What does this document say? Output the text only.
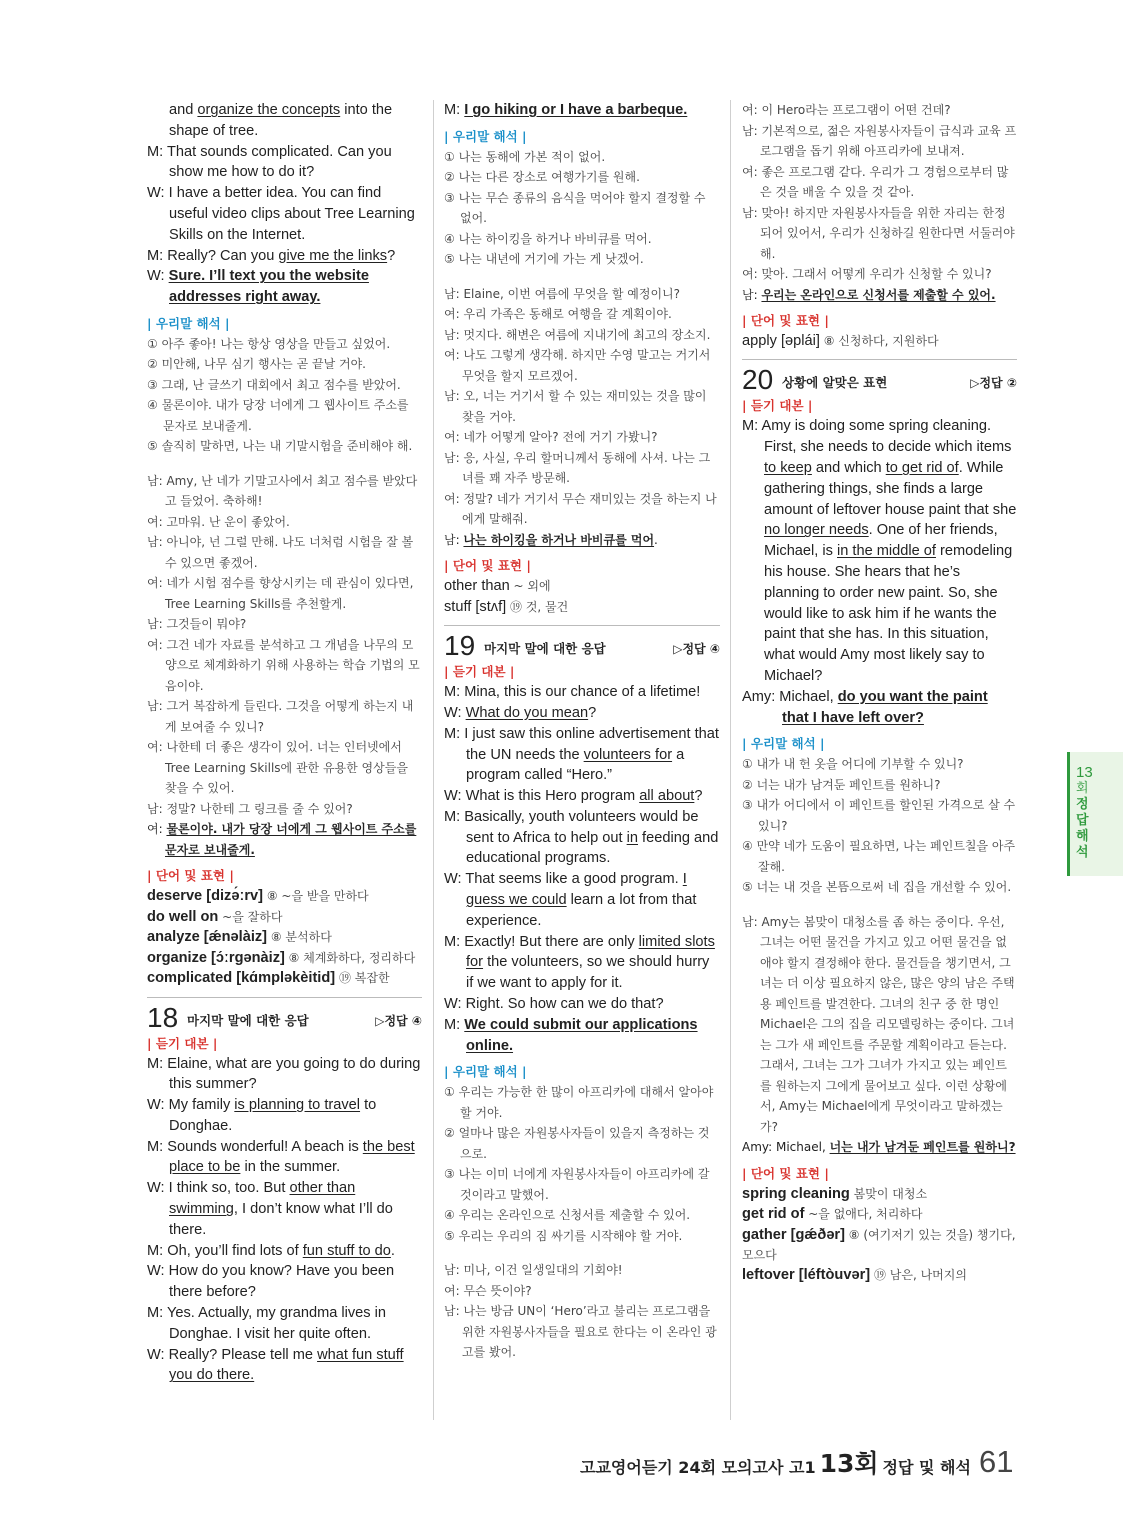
and organize the concepts into the shape of tree.

M: That sounds complicated. Can you show me how to do it?

W: I have a better idea. You can find useful video clips about Tree Learning Skills on the Internet.

M: Really? Can you give me the links?

W: Sure. I’ll text you the website addresses right away.

| 우리말 해석 |

① 아주 좋아! 나는 항상 영상을 만들고 싶었어.

② 미안해, 나무 심기 행사는 곧 끝날 거야.

③ 그래, 난 글쓰기 대회에서 최고 점수를 받았어.

④ 물론이야. 내가 당장 너에게 그 웹사이트 주소를 문자로 보내줄게.

⑤ 솔직히 말하면, 나는 내 기말시험을 준비해야 해.

남: Amy, 난 네가 기말고사에서 최고 점수를 받았다고 들었어. 축하해!

여: 고마워. 난 운이 좋았어.

남: 아니야, 넌 그럴 만해. 나도 너처럼 시험을 잘 볼 수 있으면 좋겠어.

여: 네가 시험 점수를 향상시키는 데 관심이 있다면, Tree Learning Skills를 추천할게.

남: 그것들이 뭐야?

여: 그건 네가 자료를 분석하고 그 개념을 나무의 모양으로 체계화하기 위해 사용하는 학습 기법의 모음이야.

남: 그거 복잡하게 들린다. 그것을 어떻게 하는지 내게 보여줄 수 있니?

여: 나한테 더 좋은 생각이 있어. 너는 인터넷에서 Tree Learning Skills에 관한 유용한 영상들을 찾을 수 있어.

남: 정말? 나한테 그 링크를 줄 수 있어?

여: 물론이야. 내가 당장 너에게 그 웹사이트 주소를 문자로 보내줄게.

| 단어 및 표현 |
deserve [dizə́ːrv] ⑧ ~을 받을 만하다
do well on ~을 잘하다
analyze [ǽnəlàiz] ⑧ 분석하다
organize [ɔ́ːrgənàiz] ⑧ 체계화하다, 정리하다
complicated [kɑ́mpləkèitid] ⑲ 복잡한
18 마지막 말에 대한 응답	▷정답 ④
| 듣기 대본 |

M: Elaine, what are you going to do during this summer?

W: My family is planning to travel to Donghae.

M: Sounds wonderful! A beach is the best place to be in the summer.

W: I think so, too. But other than swimming, I don’t know what I’ll do there.

M: Oh, you’ll find lots of fun stuff to do.

W: How do you know? Have you been there before?

M: Yes. Actually, my grandma lives in Donghae. I visit her quite often.

W: Really? Please tell me what fun stuff you do there.

M: I go hiking or I have a barbeque.

| 우리말 해석 |

① 나는 동해에 가본 적이 없어.

② 나는 다른 장소로 여행가기를 원해.

③ 나는 무슨 종류의 음식을 먹어야 할지 결정할 수 없어.

④ 나는 하이킹을 하거나 바비큐를 먹어.

⑤ 나는 내년에 거기에 가는 게 낫겠어.

남: Elaine, 이번 여름에 무엇을 할 예정이니?

여: 우리 가족은 동해로 여행을 갈 계획이야.

남: 멋지다. 해변은 여름에 지내기에 최고의 장소지.

여: 나도 그렇게 생각해. 하지만 수영 말고는 거기서 무엇을 할지 모르겠어.

남: 오, 너는 거기서 할 수 있는 재미있는 것을 많이 찾을 거야.

여: 네가 어떻게 알아? 전에 거기 가봤니?

남: 응, 사실, 우리 할머니께서 동해에 사셔. 나는 그녀를 꽤 자주 방문해.

여: 정말? 네가 거기서 무슨 재미있는 것을 하는지 나에게 말해줘.

남: 나는 하이킹을 하거나 바비큐를 먹어.

| 단어 및 표현 |
other than ~ 외에
stuff [stʌf] ⑲ 것, 물건
19 마지막 말에 대한 응답	▷정답 ④
| 듣기 대본 |

M: Mina, this is our chance of a lifetime!

W: What do you mean?

M: I just saw this online advertisement that the UN needs the volunteers for a program called “Hero.”

W: What is this Hero program all about?

M: Basically, youth volunteers would be sent to Africa to help out in feeding and educational programs.

W: That seems like a good program. I guess we could learn a lot from that experience.

M: Exactly! But there are only limited slots for the volunteers, so we should hurry if we want to apply for it.

W: Right. So how can we do that?

M: We could submit our applications online.

| 우리말 해석 |

① 우리는 가능한 한 많이 아프리카에 대해서 알아야 할 거야.

② 얼마나 많은 자원봉사자들이 있을지 측정하는 것으로.

③ 나는 이미 너에게 자원봉사자들이 아프리카에 갈 것이라고 말했어.

④ 우리는 온라인으로 신청서를 제출할 수 있어.

⑤ 우리는 우리의 짐 싸기를 시작해야 할 거야.

남: 미나, 이건 일생일대의 기회야!

여: 무슨 뜻이야?

남: 나는 방금 UN이 ‘Hero’라고 불리는 프로그램을 위한 자원봉사자들을 필요로 한다는 이 온라인 광고를 봤어.

여: 이 Hero라는 프로그램이 어떤 건데?

남: 기본적으로, 젊은 자원봉사자들이 급식과 교육 프로그램을 돕기 위해 아프리카에 보내져.

여: 좋은 프로그램 같다. 우리가 그 경험으로부터 많은 것을 배울 수 있을 것 같아.

남: 맞아! 하지만 자원봉사자들을 위한 자리는 한정되어 있어서, 우리가 신청하길 원한다면 서둘러야 해.

여: 맞아. 그래서 어떻게 우리가 신청할 수 있니?

남: 우리는 온라인으로 신청서를 제출할 수 있어.

| 단어 및 표현 |
apply [əplái] ⑧ 신청하다, 지원하다
20 상황에 알맞은 표현	▷정답 ②
| 듣기 대본 |

M: Amy is doing some spring cleaning. First, she needs to decide which items to keep and which to get rid of. While gathering things, she finds a large amount of leftover house paint that she no longer needs. One of her friends, Michael, is in the middle of remodeling his house. She hears that he’s planning to order new paint. So, she would like to ask him if he wants the paint that she has. In this situation, what would Amy most likely say to Michael?

Amy: Michael, do you want the paint that I have left over?

| 우리말 해석 |

① 내가 내 헌 옷을 어디에 기부할 수 있니?

② 너는 내가 남겨둔 페인트를 원하니?

③ 내가 어디에서 이 페인트를 할인된 가격으로 살 수 있니?

④ 만약 네가 도움이 필요하면, 나는 페인트칠을 아주 잘해.

⑤ 너는 내 것을 본뜸으로써 네 집을 개선할 수 있어.

남: Amy는 봄맞이 대청소를 좀 하는 중이다. 우선, 그녀는 어떤 물건을 가지고 있고 어떤 물건을 없애야 할지 결정해야 한다. 물건들을 챙기면서, 그녀는 더 이상 필요하지 않은, 많은 양의 남은 주택용 페인트를 발견한다. 그녀의 친구 중 한 명인 Michael은 그의 집을 리모델링하는 중이다. 그녀는 그가 새 페인트를 주문할 계획이라고 듣는다. 그래서, 그녀는 그가 그녀가 가지고 있는 페인트를 원하는지 그에게 물어보고 싶다. 이런 상황에서, Amy는 Michael에게 무엇이라고 말하겠는가?

Amy: Michael, 너는 내가 남겨둔 페인트를 원하니?

| 단어 및 표현 |
spring cleaning 봄맞이 대청소
get rid of ~을 없애다, 처리하다
gather [gǽðər] ⑧ (여기저기 있는 것을) 챙기다, 모으다
leftover [léftòuvər] ⑲ 남은, 나머지의
13
회
정답해석
고교영어듣기 24회 모의고사 고1 13회 정답 및 해석 61
